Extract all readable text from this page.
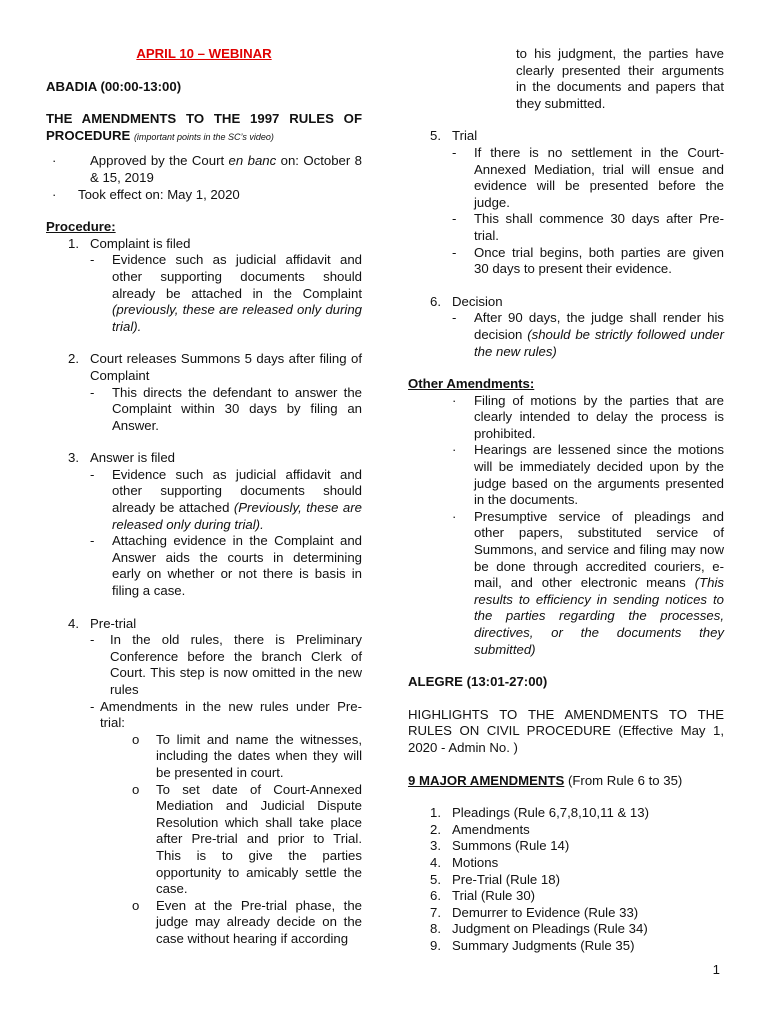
APRIL 10 – WEBINAR

ABADIA (00:00-13:00)

THE AMENDMENTS TO THE 1997 RULES OF

PROCEDURE (important points in the SC’s video)

·	Approved by the Court en banc on: October 8 & 15, 2019
·	Took effect on: May 1, 2020

Procedure:

1. Complaint is filed
-	Evidence such as judicial affidavit and other supporting documents should already be attached in the Complaint (previously, these are released only during trial).
2. Court releases Summons 5 days after filing of Complaint
-	This directs the defendant to answer the Complaint within 30 days by filing an Answer.
3. Answer is filed
-	Evidence such as judicial affidavit and other supporting documents should already be attached (Previously, these are released only during trial).
-	Attaching evidence in the Complaint and Answer aids the courts in determining early on whether or not there is basis in filing a case.
4. Pre-trial
-	In the old rules, there is Preliminary Conference before the branch Clerk of Court. This step is now omitted in the new rules
- Amendments in the new rules under Pre-trial:
o	To limit and name the witnesses, including the dates when they will be presented in court.
o	To set date of Court-Annexed Mediation and Judicial Dispute Resolution which shall take place after Pre-trial and prior to Trial. This is to give the parties opportunity to amicably settle the case.
o	Even at the Pre-trial phase, the judge may already decide on the case without hearing if according
to his judgment, the parties have clearly presented their arguments in the documents and papers that they submitted.
5. Trial
-	If there is no settlement in the Court-Annexed Mediation, trial will ensue and evidence will be presented before the judge.
-	This shall commence 30 days after Pre-trial.
-	Once trial begins, both parties are given 30 days to present their evidence.
6. Decision
-	After 90 days, the judge shall render his decision (should be strictly followed under the new rules)

Other Amendments:

·	Filing of motions by the parties that are clearly intended to delay the process is prohibited.
·	Hearings are lessened since the motions will be immediately decided upon by the judge based on the arguments presented in the documents.
·	Presumptive service of pleadings and other papers, substituted service of Summons, and service and filing may now be done through accredited couriers, e-mail, and other electronic means (This results to efficiency in sending notices to the parties regarding the processes, directives, or the documents they submitted)

ALEGRE (13:01-27:00)

HIGHLIGHTS TO THE AMENDMENTS TO THE RULES ON CIVIL PROCEDURE (Effective May 1, 2020 - Admin No. )

9 MAJOR AMENDMENTS (From Rule 6 to 35)

1. Pleadings (Rule 6,7,8,10,11 & 13)
2. Amendments
3. Summons (Rule 14)
4. Motions
5. Pre-Trial (Rule 18)
6. Trial (Rule 30)
7. Demurrer to Evidence (Rule 33)
8. Judgment on Pleadings (Rule 34)
9. Summary Judgments (Rule 35)
1
